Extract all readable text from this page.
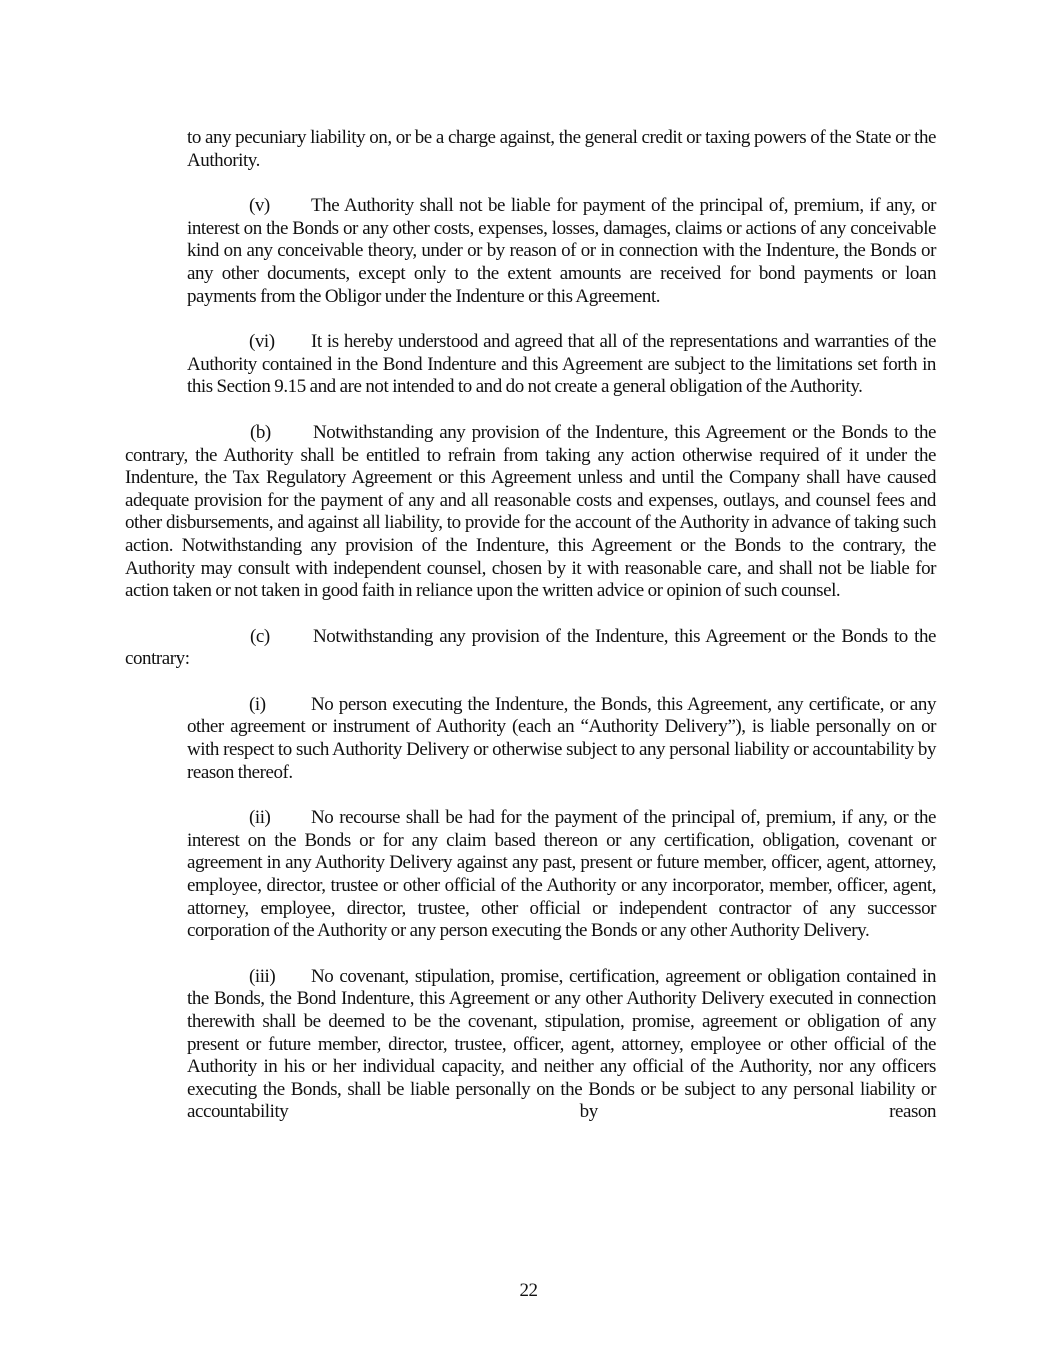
to any pecuniary liability on, or be a charge against, the general credit or taxing powers of the State or the Authority.

(v) The Authority shall not be liable for payment of the principal of, premium, if any, or interest on the Bonds or any other costs, expenses, losses, damages, claims or actions of any conceivable kind on any conceivable theory, under or by reason of or in connection with the Indenture, the Bonds or any other documents, except only to the extent amounts are received for bond payments or loan payments from the Obligor under the Indenture or this Agreement.

(vi) It is hereby understood and agreed that all of the representations and warranties of the Authority contained in the Bond Indenture and this Agreement are subject to the limitations set forth in this Section 9.15 and are not intended to and do not create a general obligation of the Authority.

(b) Notwithstanding any provision of the Indenture, this Agreement or the Bonds to the contrary, the Authority shall be entitled to refrain from taking any action otherwise required of it under the Indenture, the Tax Regulatory Agreement or this Agreement unless and until the Company shall have caused adequate provision for the payment of any and all reasonable costs and expenses, outlays, and counsel fees and other disbursements, and against all liability, to provide for the account of the Authority in advance of taking such action. Notwithstanding any provision of the Indenture, this Agreement or the Bonds to the contrary, the Authority may consult with independent counsel, chosen by it with reasonable care, and shall not be liable for action taken or not taken in good faith in reliance upon the written advice or opinion of such counsel.

(c) Notwithstanding any provision of the Indenture, this Agreement or the Bonds to the contrary:

(i) No person executing the Indenture, the Bonds, this Agreement, any certificate, or any other agreement or instrument of Authority (each an “Authority Delivery”), is liable personally on or with respect to such Authority Delivery or otherwise subject to any personal liability or accountability by reason thereof.

(ii) No recourse shall be had for the payment of the principal of, premium, if any, or the interest on the Bonds or for any claim based thereon or any certification, obligation, covenant or agreement in any Authority Delivery against any past, present or future member, officer, agent, attorney, employee, director, trustee or other official of the Authority or any incorporator, member, officer, agent, attorney, employee, director, trustee, other official or independent contractor of any successor corporation of the Authority or any person executing the Bonds or any other Authority Delivery.

(iii) No covenant, stipulation, promise, certification, agreement or obligation contained in the Bonds, the Bond Indenture, this Agreement or any other Authority Delivery executed in connection therewith shall be deemed to be the covenant, stipulation, promise, agreement or obligation of any present or future member, director, trustee, officer, agent, attorney, employee or other official of the Authority in his or her individual capacity, and neither any official of the Authority, nor any officers executing the Bonds, shall be liable personally on the Bonds or be subject to any personal liability or accountability by reason

22
